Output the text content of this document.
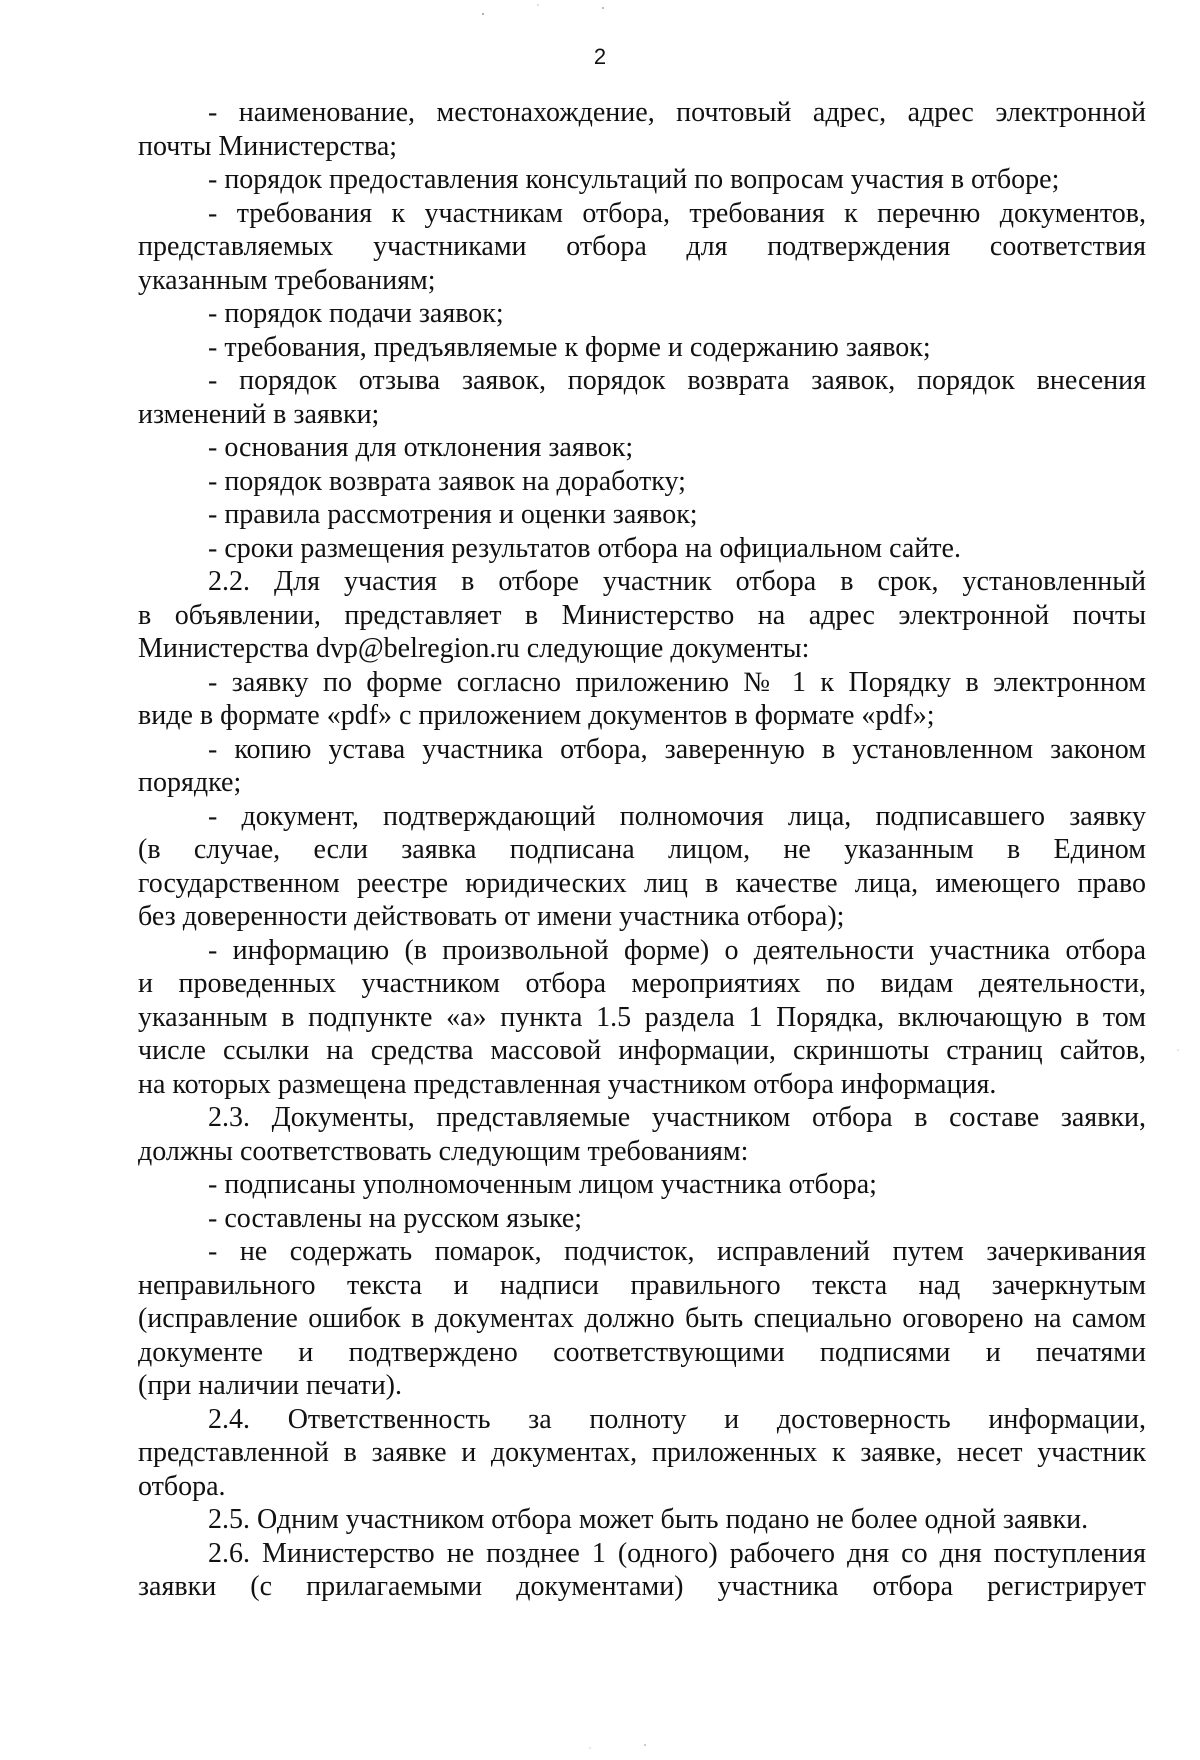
2
- наименование, местонахождение, почтовый адрес, адрес электронной
почты Министерства;
- порядок предоставления консультаций по вопросам участия в отборе;
- требования к участникам отбора, требования к перечню документов,
представляемых участниками отбора для подтверждения соответствия
указанным требованиям;
- порядок подачи заявок;
- требования, предъявляемые к форме и содержанию заявок;
- порядок отзыва заявок, порядок возврата заявок, порядок внесения
изменений в заявки;
- основания для отклонения заявок;
- порядок возврата заявок на доработку;
- правила рассмотрения и оценки заявок;
- сроки размещения результатов отбора на официальном сайте.
2.2. Для участия в отборе участник отбора в срок, установленный
в объявлении, представляет в Министерство на адрес электронной почты
Министерства dvp@belregion.ru следующие документы:
- заявку по форме согласно приложению № 1 к Порядку в электронном
виде в формате «pdf» с приложением документов в формате «pdf»;
- копию устава участника отбора, заверенную в установленном законом
порядке;
- документ, подтверждающий полномочия лица, подписавшего заявку
(в случае, если заявка подписана лицом, не указанным в Едином
государственном реестре юридических лиц в качестве лица, имеющего право
без доверенности действовать от имени участника отбора);
- информацию (в произвольной форме) о деятельности участника отбора
и проведенных участником отбора мероприятиях по видам деятельности,
указанным в подпункте «а» пункта 1.5 раздела 1 Порядка, включающую в том
числе ссылки на средства массовой информации, скриншоты страниц сайтов,
на которых размещена представленная участником отбора информация.
2.3. Документы, представляемые участником отбора в составе заявки,
должны соответствовать следующим требованиям:
- подписаны уполномоченным лицом участника отбора;
- составлены на русском языке;
- не содержать помарок, подчисток, исправлений путем зачеркивания
неправильного текста и надписи правильного текста над зачеркнутым
(исправление ошибок в документах должно быть специально оговорено на самом
документе и подтверждено соответствующими подписями и печатями
(при наличии печати).
2.4. Ответственность за полноту и достоверность информации,
представленной в заявке и документах, приложенных к заявке, несет участник
отбора.
2.5. Одним участником отбора может быть подано не более одной заявки.
2.6. Министерство не позднее 1 (одного) рабочего дня со дня поступления
заявки (с прилагаемыми документами) участника отбора регистрирует
